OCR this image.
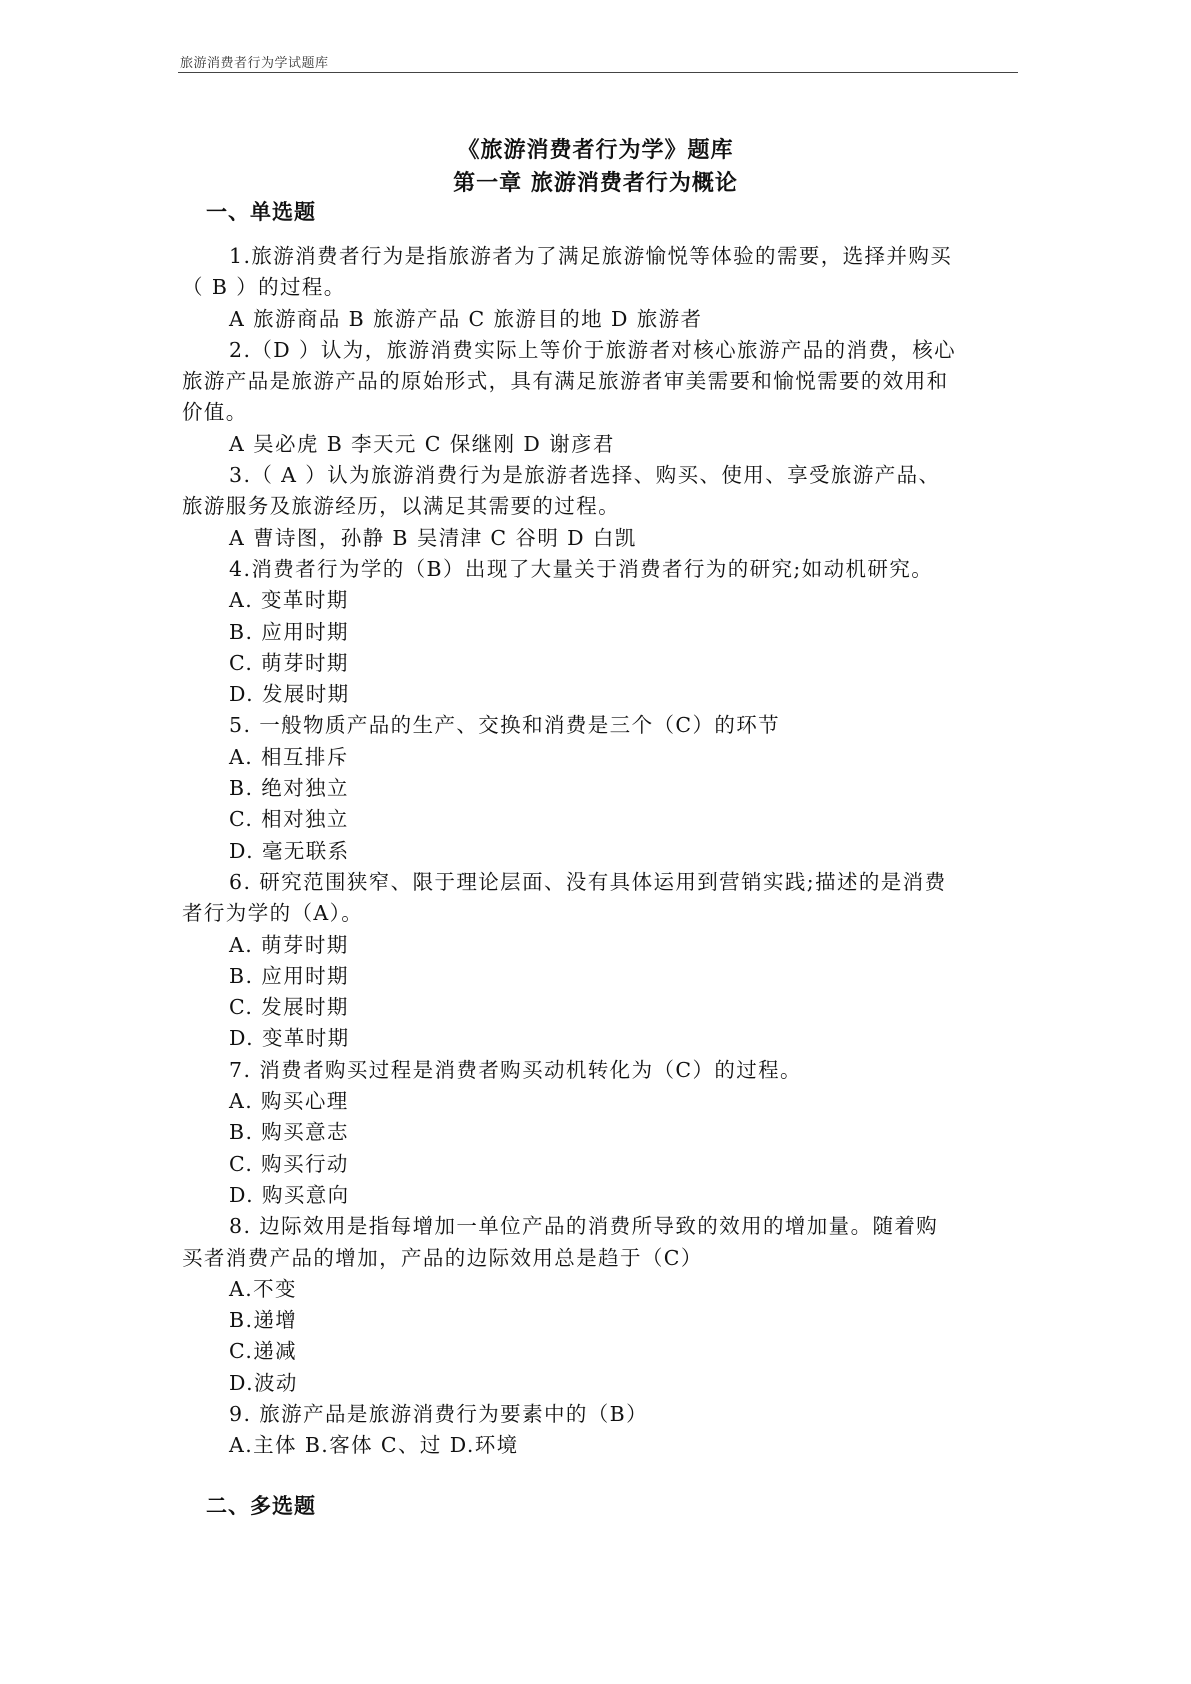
旅游消费者行为学试题库
《旅游消费者行为学》题库
第一章 旅游消费者行为概论
一、单选题

1.旅游消费者行为是指旅游者为了满足旅游愉悦等体验的需要，选择并购买

（ B ）的过程。

A 旅游商品 B 旅游产品 C 旅游目的地 D 旅游者

2.（D ）认为，旅游消费实际上等价于旅游者对核心旅游产品的消费，核心

旅游产品是旅游产品的原始形式，具有满足旅游者审美需要和愉悦需要的效用和

价值。

A 吴必虎 B 李天元 C 保继刚 D 谢彦君

3.（ A ）认为旅游消费行为是旅游者选择、购买、使用、享受旅游产品、

旅游服务及旅游经历，以满足其需要的过程。

A 曹诗图，孙静 B 吴清津 C 谷明 D 白凯

4.消费者行为学的（B）出现了大量关于消费者行为的研究;如动机研究。

A. 变革时期

B. 应用时期

C. 萌芽时期

D. 发展时期

5. 一般物质产品的生产、交换和消费是三个（C）的环节

A. 相互排斥

B. 绝对独立

C. 相对独立

D. 毫无联系

6. 研究范围狭窄、限于理论层面、没有具体运用到营销实践;描述的是消费

者行为学的（A）。

A. 萌芽时期

B. 应用时期

C. 发展时期

D. 变革时期

7. 消费者购买过程是消费者购买动机转化为（C）的过程。

A. 购买心理

B. 购买意志

C. 购买行动

D. 购买意向

8. 边际效用是指每增加一单位产品的消费所导致的效用的增加量。随着购

买者消费产品的增加，产品的边际效用总是趋于（C）

A.不变

B.递增

C.递减

D.波动

9. 旅游产品是旅游消费行为要素中的（B）

A.主体 B.客体 C、过 D.环境

二、多选题
